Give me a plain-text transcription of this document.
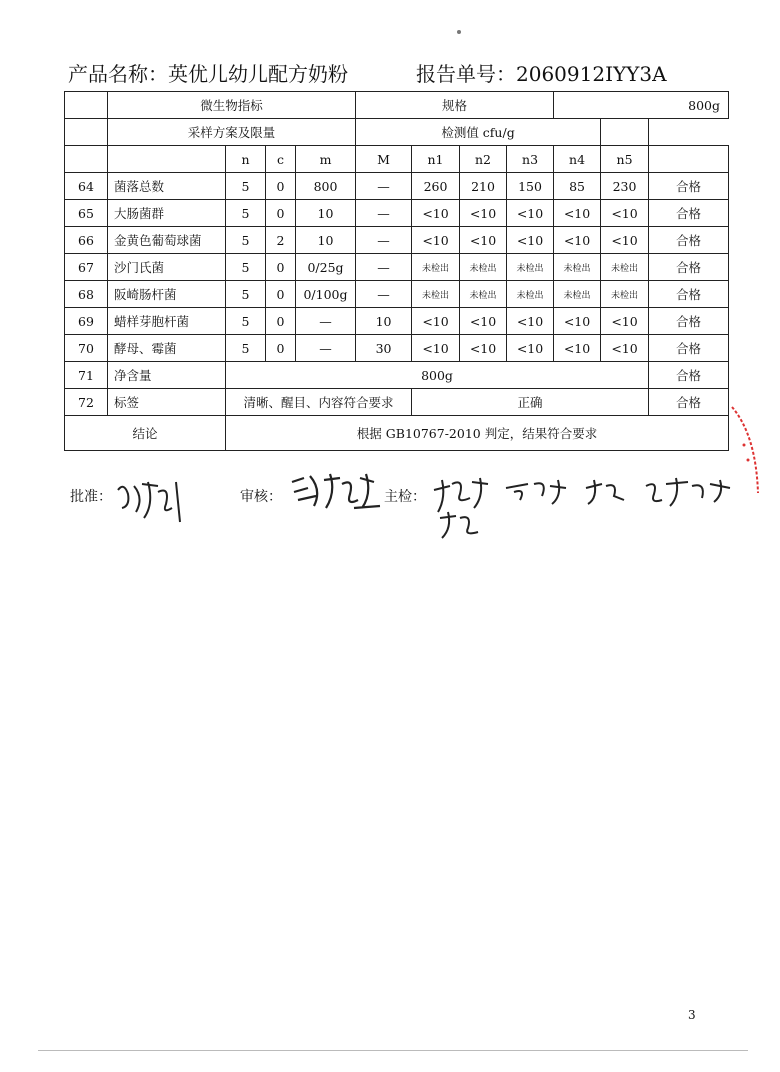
产品名称：英优儿幼儿配方奶粉	报告单号：2060912IYY3A
	微生物指标				规格				800g		
	采样方案及限量				检测值 cfu/g						
		n	c	m	M	n1	n2	n3	n4	n5	
64	菌落总数	5	0	800	—	260	210	150	85	230	合格
65	大肠菌群	5	0	10	—	<10	<10	<10	<10	<10	合格
66	金黄色葡萄球菌	5	2	10	—	<10	<10	<10	<10	<10	合格
67	沙门氏菌	5	0	0/25g	—	未检出	未检出	未检出	未检出	未检出	合格
68	阪崎肠杆菌	5	0	0/100g	—	未检出	未检出	未检出	未检出	未检出	合格
69	蜡样芽胞杆菌	5	0	—	10	<10	<10	<10	<10	<10	合格
70	酵母、霉菌	5	0	—	30	<10	<10	<10	<10	<10	合格
71	净含量	800g									合格
72	标签	清晰、醒目、内容符合要求				正确					合格
结论		根据 GB10767-2010 判定，结果符合要求									
批准：	审核：	主检：
3
